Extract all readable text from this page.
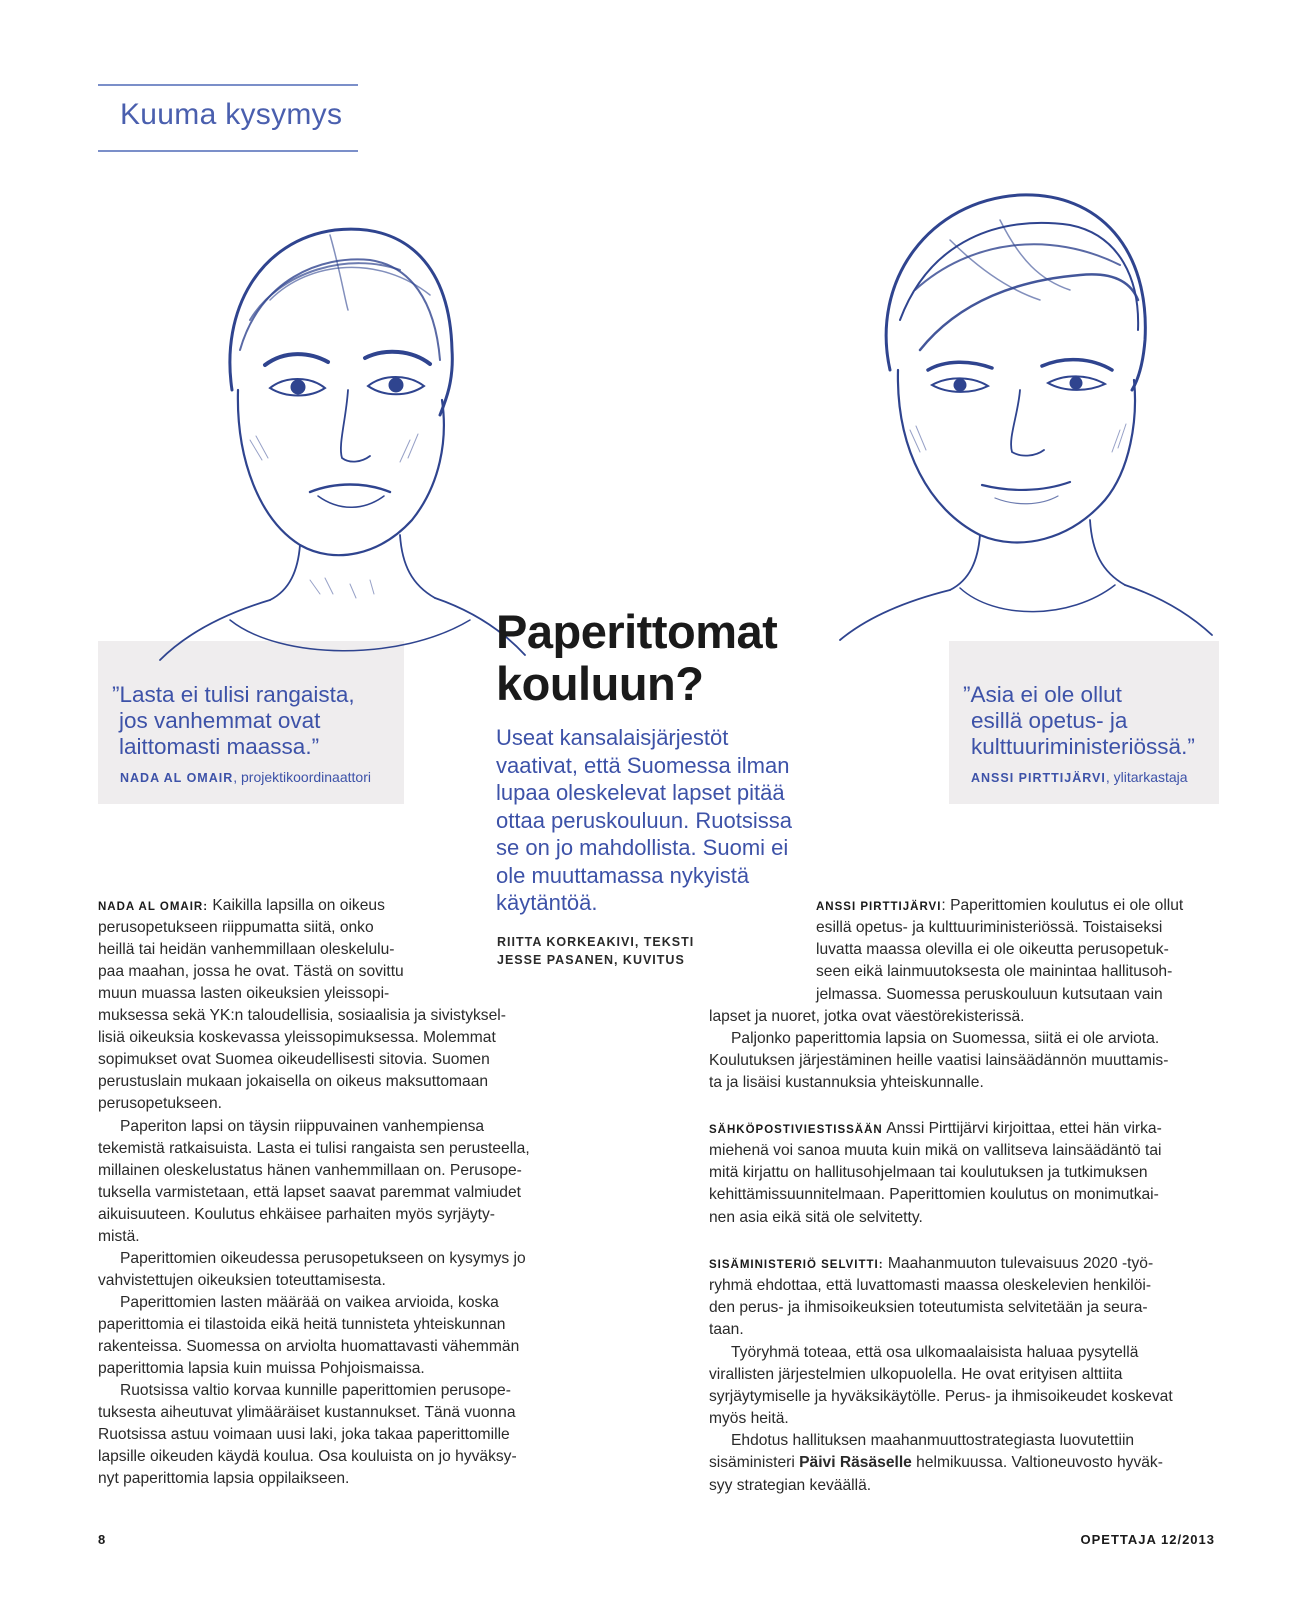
Kuuma kysymys
”Lasta ei tulisi rangaista,
jos vanhemmat ovat
laittomasti maassa.”
NADA AL OMAIR, projektikoordinaattori
”Asia ei ole ollut
esillä opetus- ja
kulttuuriministeriössä.”
ANSSI PIRTTIJÄRVI, ylitarkastaja
Paperittomat
kouluun?

Useat kansalaisjärjestöt vaativat, että Suomessa ilman lupaa oleskelevat lapset pitää ottaa peruskouluun. Ruotsissa se on jo mahdollista. Suomi ei ole muuttamassa nykyistä käytäntöä.

RIITTA KORKEAKIVI, TEKSTI
JESSE PASANEN, KUVITUS
NADA AL OMAIR: Kaikilla lapsilla on oikeus
perusopetukseen riippumatta siitä, onko
heillä tai heidän vanhemmillaan oleskelulu-
paa maahan, jossa he ovat. Tästä on sovittu
muun muassa lasten oikeuksien yleissopi-
muksessa sekä YK:n taloudellisia, sosiaalisia ja sivistyksel-
lisiä oikeuksia koskevassa yleissopimuksessa. Molemmat
sopimukset ovat Suomea oikeudellisesti sitovia. Suomen
perustuslain mukaan jokaisella on oikeus maksuttomaan
perusopetukseen.
Paperiton lapsi on täysin riippuvainen vanhempiensa
tekemistä ratkaisuista. Lasta ei tulisi rangaista sen perusteella,
millainen oleskelustatus hänen vanhemmillaan on. Perusope-
tuksella varmistetaan, että lapset saavat paremmat valmiudet
aikuisuuteen. Koulutus ehkäisee parhaiten myös syrjäyty-
mistä.
Paperittomien oikeudessa perusopetukseen on kysymys jo
vahvistettujen oikeuksien toteuttamisesta.
Paperittomien lasten määrää on vaikea arvioida, koska
paperittomia ei tilastoida eikä heitä tunnisteta yhteiskunnan
rakenteissa. Suomessa on arviolta huomattavasti vähemmän
paperittomia lapsia kuin muissa Pohjoismaissa.
Ruotsissa valtio korvaa kunnille paperittomien perusope-
tuksesta aiheutuvat ylimääräiset kustannukset. Tänä vuonna
Ruotsissa astuu voimaan uusi laki, joka takaa paperittomille
lapsille oikeuden käydä koulua. Osa kouluista on jo hyväksy-
nyt paperittomia lapsia oppilaikseen.
ANSSI PIRTTIJÄRVI: Paperittomien koulutus ei ole ollut
esillä opetus- ja kulttuuriministeriössä. Toistaiseksi
luvatta maassa olevilla ei ole oikeutta perusopetuk-
seen eikä lainmuutoksesta ole mainintaa hallitusoh-
jelmassa. Suomessa peruskouluun kutsutaan vain
lapset ja nuoret, jotka ovat väestörekisterissä.
Paljonko paperittomia lapsia on Suomessa, siitä ei ole arviota.
Koulutuksen järjestäminen heille vaatisi lainsäädännön muuttamis-
ta ja lisäisi kustannuksia yhteiskunnalle.
SÄHKÖPOSTIVIESTISSÄÄN Anssi Pirttijärvi kirjoittaa, ettei hän virka-
miehenä voi sanoa muuta kuin mikä on vallitseva lainsäädäntö tai
mitä kirjattu on hallitusohjelmaan tai koulutuksen ja tutkimuksen
kehittämissuunnitelmaan. Paperittomien koulutus on monimutkai-
nen asia eikä sitä ole selvitetty.
SISÄMINISTERIÖ SELVITTI: Maahanmuuton tulevaisuus 2020 -työ-
ryhmä ehdottaa, että luvattomasti maassa oleskelevien henkilöi-
den perus- ja ihmisoikeuksien toteutumista selvitetään ja seura-
taan.
Työryhmä toteaa, että osa ulkomaalaisista haluaa pysytellä
virallisten järjestelmien ulkopuolella. He ovat erityisen alttiita
syrjäytymiselle ja hyväksikäytölle. Perus- ja ihmisoikeudet koskevat
myös heitä.
Ehdotus hallituksen maahanmuuttostrategiasta luovutettiin
sisäministeri Päivi Räsäselle helmikuussa. Valtioneuvosto hyväk-
syy strategian keväällä.
8	OPETTAJA 12/2013
